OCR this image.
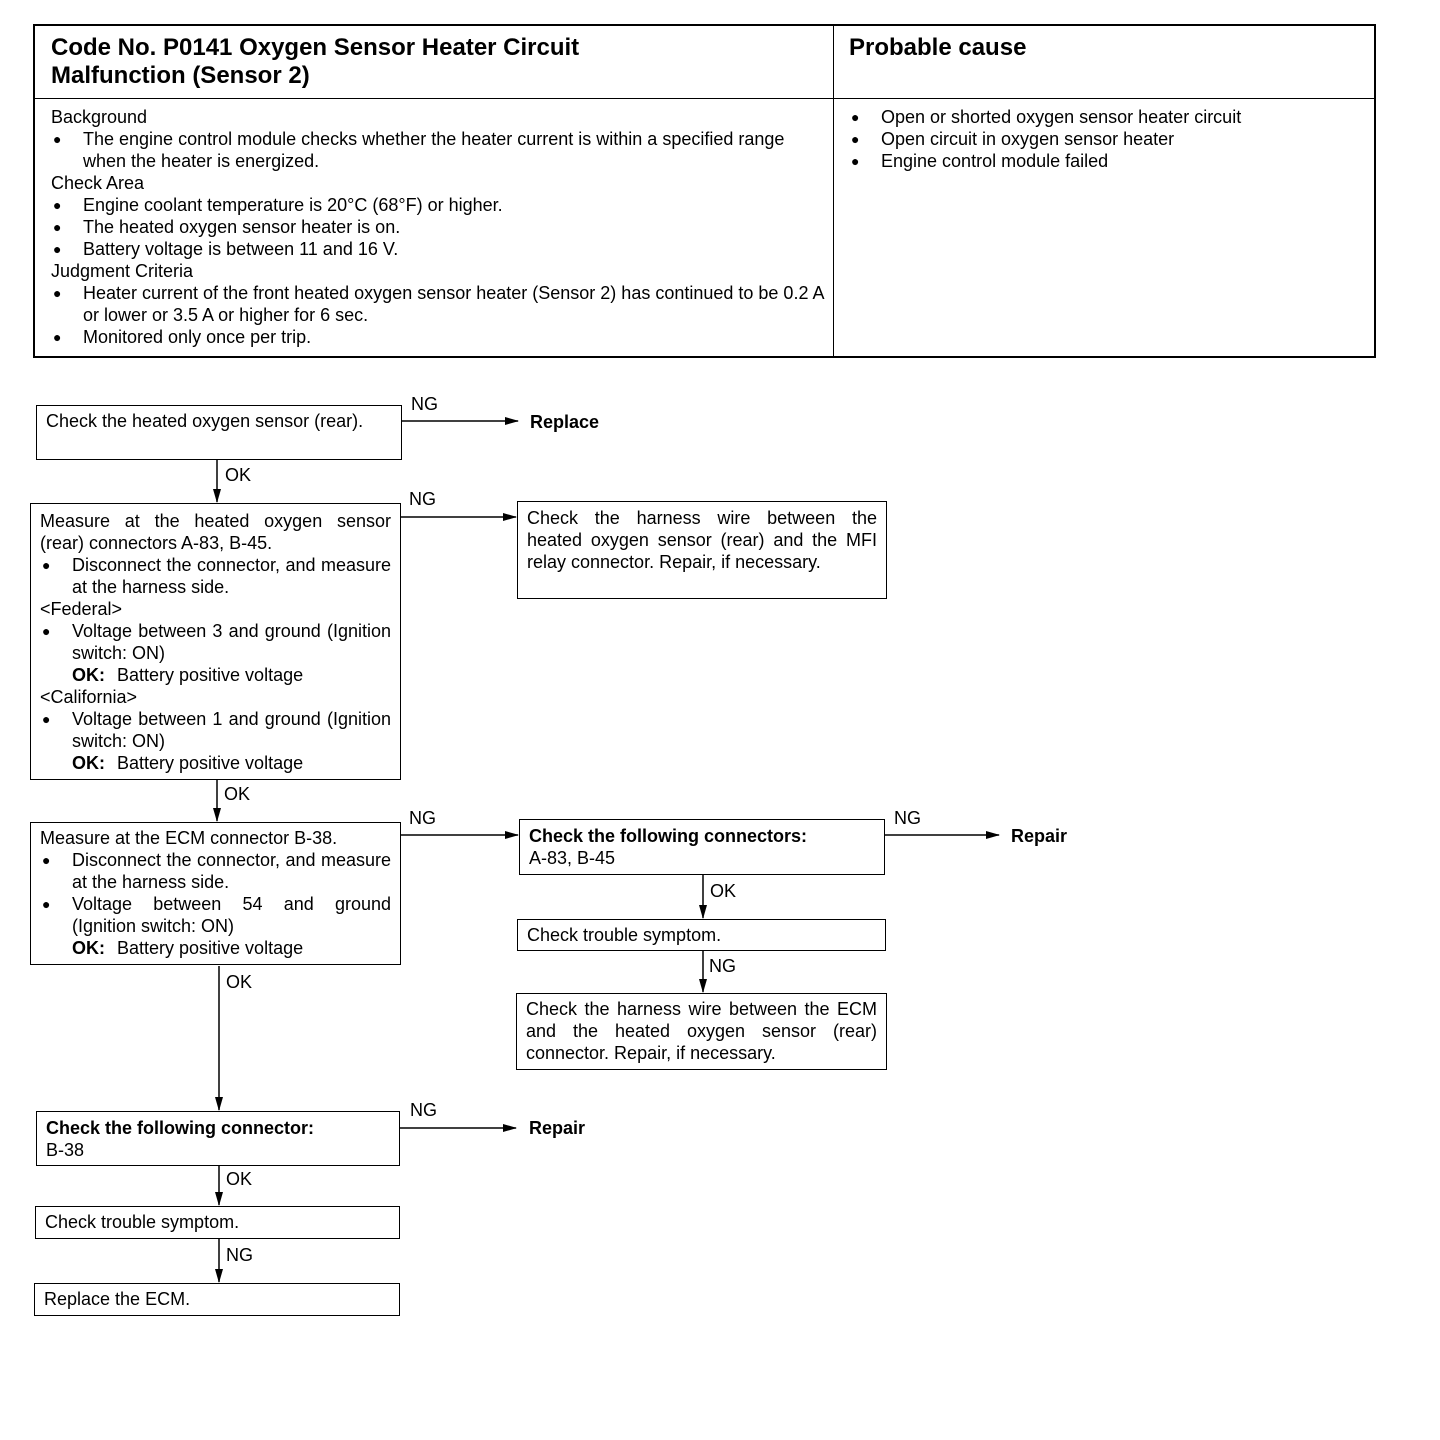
Code No. P0141 Oxygen Sensor Heater Circuit
Malfunction (Sensor 2)
Probable cause

Background

● The engine control module checks whether the heater current is within a specified range when the heater is energized.

Check Area

● Engine coolant temperature is 20°C (68°F) or higher.
● The heated oxygen sensor heater is on.
● Battery voltage is between 11 and 16 V.

Judgment Criteria

● Heater current of the front heated oxygen sensor heater (Sensor 2) has continued to be 0.2 A or lower or 3.5 A or higher for 6 sec.
● Monitored only once per trip.
● Open or shorted oxygen sensor heater circuit
● Open circuit in oxygen sensor heater
● Engine control module failed

Check the heated oxygen sensor (rear).

NG
Replace
OK

Measure at the heated oxygen sensor (rear) connectors A-83, B-45.

● Disconnect the connector, and measure at the harness side.

<Federal>

● Voltage between 3 and ground (Ignition switch: ON)

OK: Battery positive voltage

<California>

● Voltage between 1 and ground (Ignition switch: ON)

OK: Battery positive voltage

NG

Check the harness wire between the heated oxygen sensor (rear) and the MFI relay connector. Repair, if necessary.

OK

Measure at the ECM connector B-38.

● Disconnect the connector, and measure at the harness side.
● Voltage between 54 and ground (Ignition switch: ON)

OK: Battery positive voltage

NG

Check the following connectors:

A-83, B-45

NG
Repair
OK

Check trouble symptom.

NG

Check the harness wire between the ECM and the heated oxygen sensor (rear) connector. Repair, if necessary.

OK

Check the following connector:

B-38

NG
Repair
OK

Check trouble symptom.

NG

Replace the ECM.
